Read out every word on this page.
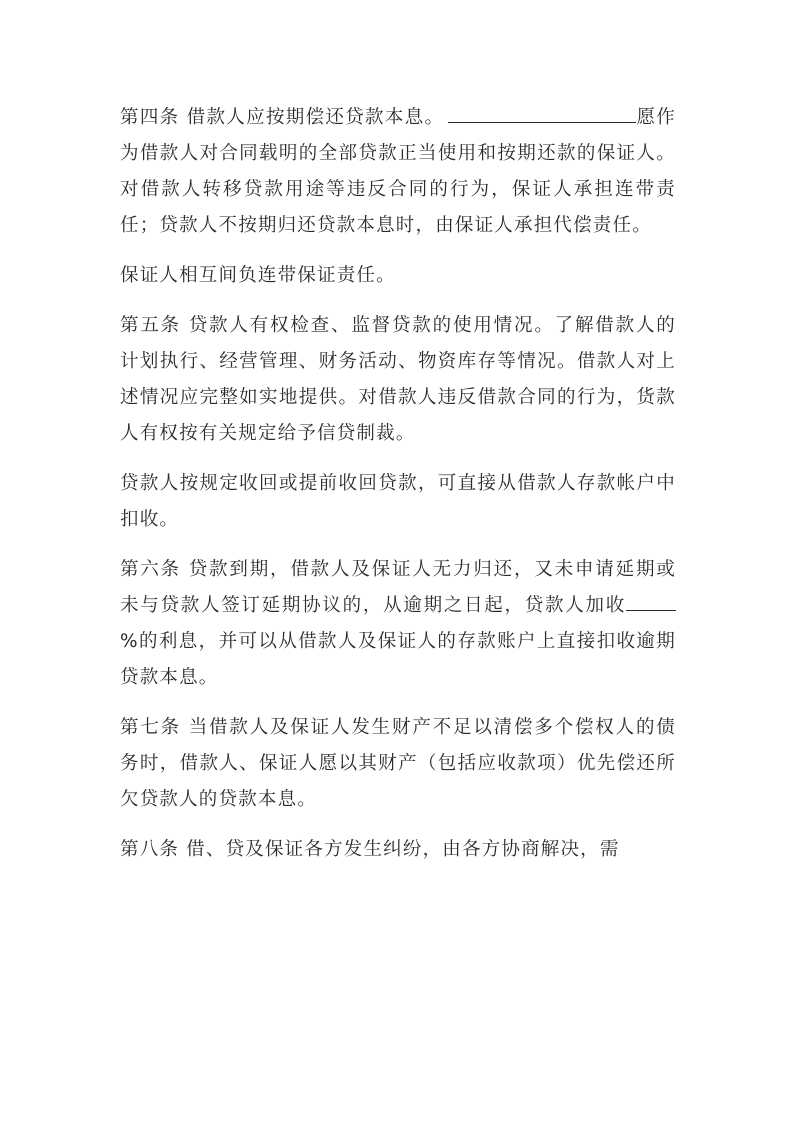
第四条 借款人应按期偿还贷款本息。	愿作为借款人对合同载明的全部贷款正当使用和按期还款的保证人。对借款人转移贷款用途等违反合同的行为，保证人承担连带责任；贷款人不按期归还贷款本息时，由保证人承担代偿责任。

保证人相互间负连带保证责任。

第五条 贷款人有权检查、监督贷款的使用情况。了解借款人的计划执行、经营管理、财务活动、物资库存等情况。借款人对上述情况应完整如实地提供。对借款人违反借款合同的行为，货款人有权按有关规定给予信贷制裁。

贷款人按规定收回或提前收回贷款，可直接从借款人存款帐户中扣收。

第六条 贷款到期，借款人及保证人无力归还，又未申请延期或未与贷款人签订延期协议的，从逾期之日起，贷款人加收%的利息，并可以从借款人及保证人的存款账户上直接扣收逾期贷款本息。

第七条 当借款人及保证人发生财产不足以清偿多个偿权人的债务时，借款人、保证人愿以其财产（包括应收款项）优先偿还所欠贷款人的贷款本息。

第八条 借、贷及保证各方发生纠纷，由各方协商解决，需
